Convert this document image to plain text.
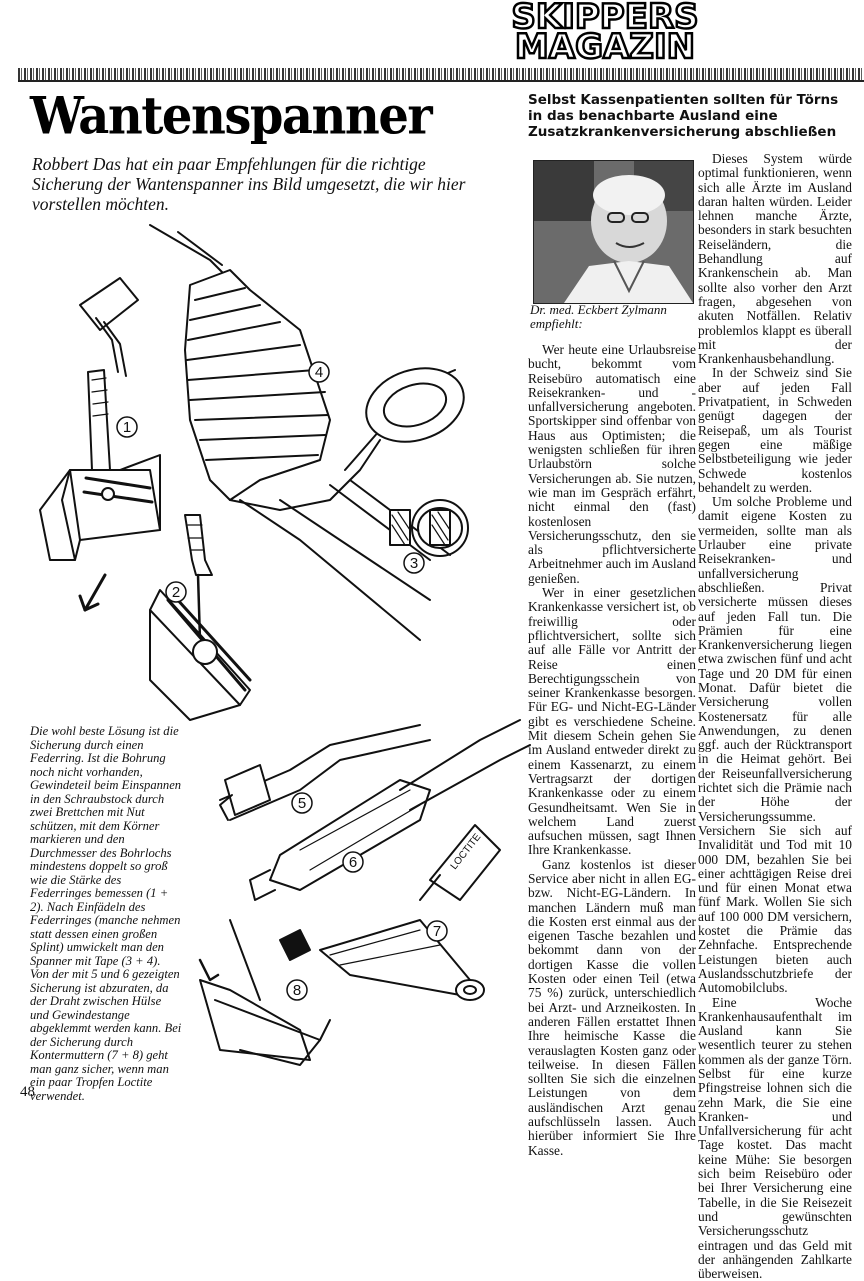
SKIPPERS
MAGAZIN
Wantenspanner
Robbert Das hat ein paar Empfehlungen für die richtige Sicherung der Wantenspanner ins Bild umgesetzt, die wir hier vorstellen möchten.
1
2
3
4
5
6
7
8
LOCTITE
Die wohl beste Lösung ist die Sicherung durch einen Federring. Ist die Bohrung noch nicht vorhanden, Gewindeteil beim Einspannen in den Schraubstock durch zwei Brettchen mit Nut schützen, mit dem Körner markieren und den Durchmesser des Bohrlochs mindestens doppelt so groß wie die Stärke des Federringes bemessen (1 + 2). Nach Einfädeln des Federringes (manche nehmen statt dessen einen großen Splint) umwickelt man den Spanner mit Tape (3 + 4). Von der mit 5 und 6 gezeigten Sicherung ist abzuraten, da der Draht zwischen Hülse und Gewindestange abgeklemmt werden kann. Bei der Sicherung durch Kontermuttern (7 + 8) geht man ganz sicher, wenn man ein paar Tropfen Loctite verwendet.
Selbst Kassenpatienten sollten für Törns in das benachbarte Ausland eine Zusatzkrankenversicherung abschließen
Dr. med. Eckbert Zylmann empfiehlt:

Wer heute eine Urlaubsreise bucht, bekommt vom Reisebüro automatisch eine Reisekranken- und -unfallversicherung angeboten. Sportskipper sind offenbar von Haus aus Optimisten; die wenigsten schließen für ihren Urlaubstörn solche Versicherungen ab. Sie nutzen, wie man im Gespräch erfährt, nicht einmal den (fast) kostenlosen Versicherungsschutz, den sie als pflichtversicherte Arbeitnehmer auch im Ausland genießen.

Wer in einer gesetzlichen Krankenkasse versichert ist, ob freiwillig oder pflichtversichert, sollte sich auf alle Fälle vor Antritt der Reise einen Berechtigungsschein von seiner Krankenkasse besorgen. Für EG- und Nicht-EG-Länder gibt es verschiedene Scheine. Mit diesem Schein gehen Sie im Ausland entweder direkt zu einem Kassenarzt, zu einem Vertragsarzt der dortigen Krankenkasse oder zu einem Gesundheitsamt. Wen Sie in welchem Land zuerst aufsuchen müssen, sagt Ihnen Ihre Krankenkasse.

Ganz kostenlos ist dieser Service aber nicht in allen EG- bzw. Nicht-EG-Ländern. In manchen Ländern muß man die Kosten erst einmal aus der eigenen Tasche bezahlen und bekommt dann von der dortigen Kasse die vollen Kosten oder einen Teil (etwa 75 %) zurück, unterschiedlich bei Arzt- und Arzneikosten. In anderen Fällen erstattet Ihnen Ihre heimische Kasse die verauslagten Kosten ganz oder teilweise. In diesen Fällen sollten Sie sich die einzelnen Leistungen von dem ausländischen Arzt genau aufschlüsseln lassen. Auch hierüber informiert Sie Ihre Kasse.

Dieses System würde optimal funktionieren, wenn sich alle Ärzte im Ausland daran halten würden. Leider lehnen manche Ärzte, besonders in stark besuchten Reiseländern, die Behandlung auf Krankenschein ab. Man sollte also vorher den Arzt fragen, abgesehen von akuten Notfällen. Relativ problemlos klappt es überall mit der Krankenhausbehandlung.

In der Schweiz sind Sie aber auf jeden Fall Privatpatient, in Schweden genügt dagegen der Reisepaß, um als Tourist gegen eine mäßige Selbstbeteiligung wie jeder Schwede kostenlos behandelt zu werden.

Um solche Probleme und damit eigene Kosten zu vermeiden, sollte man als Urlauber eine private Reisekranken- und unfallversicherung abschließen. Privat versicherte müssen dieses auf jeden Fall tun. Die Prämien für eine Krankenversicherung liegen etwa zwischen fünf und acht Tage und 20 DM für einen Monat. Dafür bietet die Versicherung vollen Kostenersatz für alle Anwendungen, zu denen ggf. auch der Rücktransport in die Heimat gehört. Bei der Reiseunfallversicherung richtet sich die Prämie nach der Höhe der Versicherungssumme. Versichern Sie sich auf Invalidität und Tod mit 10 000 DM, bezahlen Sie bei einer achttägigen Reise drei und für einen Monat etwa fünf Mark. Wollen Sie sich auf 100 000 DM versichern, kostet die Prämie das Zehnfache. Entsprechende Leistungen bieten auch Auslandsschutzbriefe der Automobilclubs.

Eine Woche Krankenhausaufenthalt im Ausland kann Sie wesentlich teurer zu stehen kommen als der ganze Törn. Selbst für eine kurze Pfingstreise lohnen sich die zehn Mark, die Sie eine Kranken- und Unfallversicherung für acht Tage kostet. Das macht keine Mühe: Sie besorgen sich beim Reisebüro oder bei Ihrer Versicherung eine Tabelle, in die Sie Reisezeit und gewünschten Versicherungsschutz eintragen und das Geld mit der anhängenden Zahlkarte überweisen.

48
